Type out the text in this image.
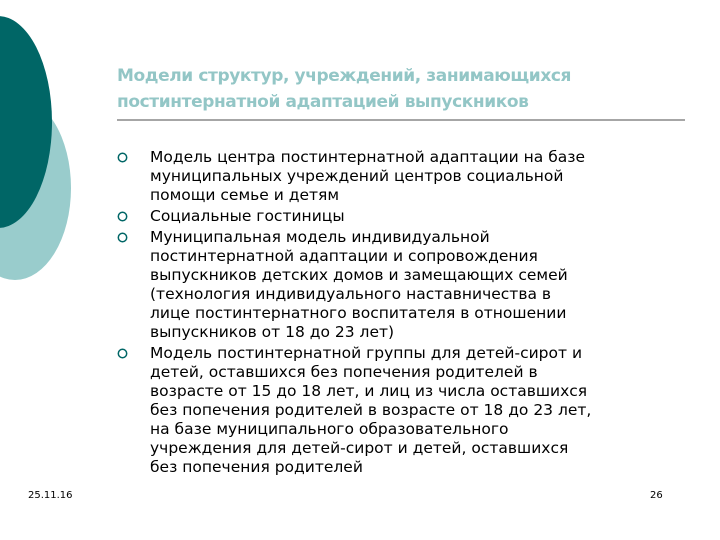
Модели структур, учреждений, занимающихся
постинтернатной адаптацией выпускников
Модель центра постинтернатной адаптации на базе
муниципальных учреждений центров социальной
помощи семье и детям
Социальные гостиницы
Муниципальная модель индивидуальной
постинтернатной адаптации и сопровождения
выпускников детских домов и замещающих семей
(технология индивидуального наставничества в
лице постинтернатного воспитателя в отношении
выпускников от 18 до 23 лет)
Модель постинтернатной группы для детей-сирот и
детей, оставшихся без попечения родителей в
возрасте от 15 до 18 лет, и лиц из числа оставшихся
без попечения родителей в возрасте от 18 до 23 лет,
на базе муниципального образовательного
учреждения для детей-сирот и детей, оставшихся
без попечения родителей
25.11.16	26
